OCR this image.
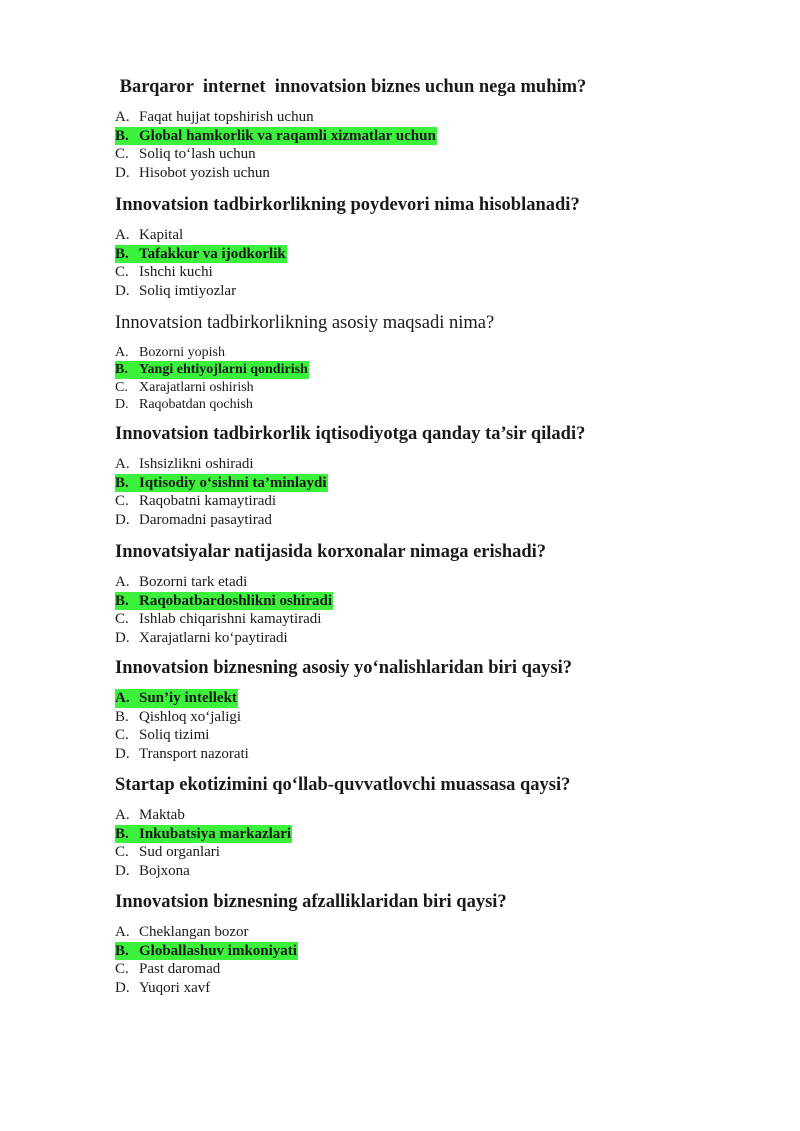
Barqaror  internet  innovatsion biznes uchun nega muhim?

A. Faqat hujjat topshirish uchun
B. Global hamkorlik va raqamli xizmatlar uchun
C. Soliq to‘lash uchun
D. Hisobot yozish uchun

Innovatsion tadbirkorlikning poydevori nima hisoblanadi?

A. Kapital
B. Tafakkur va ijodkorlik
C. Ishchi kuchi
D. Soliq imtiyozlar

Innovatsion tadbirkorlikning asosiy maqsadi nima?

A. Bozorni yopish
B. Yangi ehtiyojlarni qondirish
C. Xarajatlarni oshirish
D. Raqobatdan qochish

Innovatsion tadbirkorlik iqtisodiyotga qanday ta’sir qiladi?

A. Ishsizlikni oshiradi
B. Iqtisodiy o‘sishni ta’minlaydi
C. Raqobatni kamaytiradi
D. Daromadni pasaytirad

Innovatsiyalar natijasida korxonalar nimaga erishadi?

A. Bozorni tark etadi
B. Raqobatbardoshlikni oshiradi
C. Ishlab chiqarishni kamaytiradi
D. Xarajatlarni ko‘paytiradi

Innovatsion biznesning asosiy yo‘nalishlaridan biri qaysi?

A. Sun’iy intellekt
B. Qishloq xo‘jaligi
C. Soliq tizimi
D. Transport nazorati

Startap ekotizimini qo‘llab-quvvatlovchi muassasa qaysi?

A. Maktab
B. Inkubatsiya markazlari
C. Sud organlari
D. Bojxona

Innovatsion biznesning afzalliklaridan biri qaysi?

A. Cheklangan bozor
B. Globallashuv imkoniyati
C. Past daromad
D. Yuqori xavf
